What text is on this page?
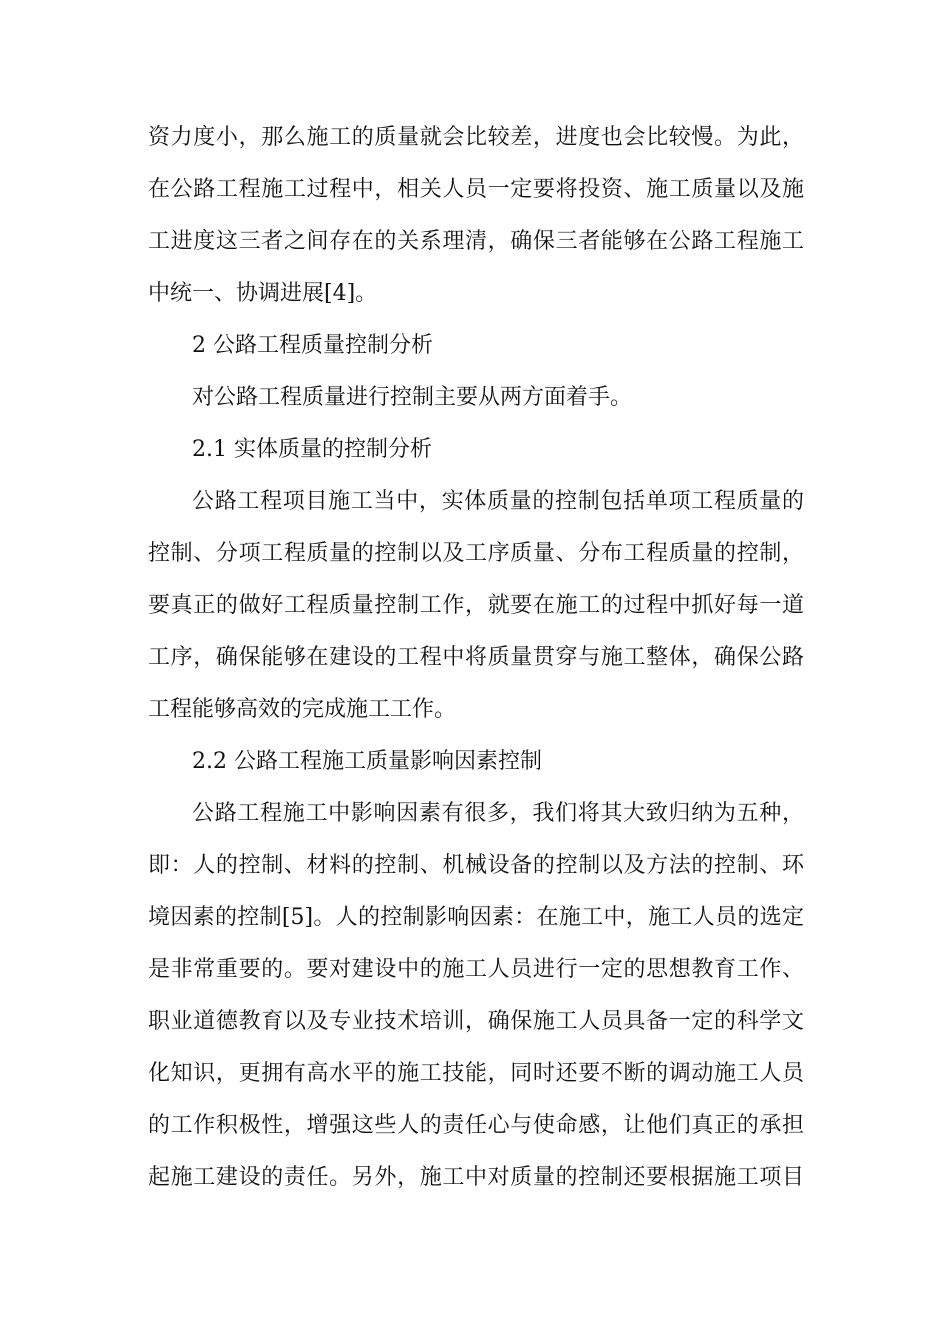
资力度小，那么施工的质量就会比较差，进度也会比较慢。为此，
在公路工程施工过程中，相关人员一定要将投资、施工质量以及施
工进度这三者之间存在的关系理清，确保三者能够在公路工程施工
中统一、协调进展[4]。
2 公路工程质量控制分析
对公路工程质量进行控制主要从两方面着手。
2.1 实体质量的控制分析
公路工程项目施工当中，实体质量的控制包括单项工程质量的
控制、分项工程质量的控制以及工序质量、分布工程质量的控制，
要真正的做好工程质量控制工作，就要在施工的过程中抓好每一道
工序，确保能够在建设的工程中将质量贯穿与施工整体，确保公路
工程能够高效的完成施工工作。
2.2 公路工程施工质量影响因素控制
公路工程施工中影响因素有很多，我们将其大致归纳为五种，
即：人的控制、材料的控制、机械设备的控制以及方法的控制、环
境因素的控制[5]。人的控制影响因素：在施工中，施工人员的选定
是非常重要的。要对建设中的施工人员进行一定的思想教育工作、
职业道德教育以及专业技术培训，确保施工人员具备一定的科学文
化知识，更拥有高水平的施工技能，同时还要不断的调动施工人员
的工作积极性，增强这些人的责任心与使命感，让他们真正的承担
起施工建设的责任。另外，施工中对质量的控制还要根据施工项目
